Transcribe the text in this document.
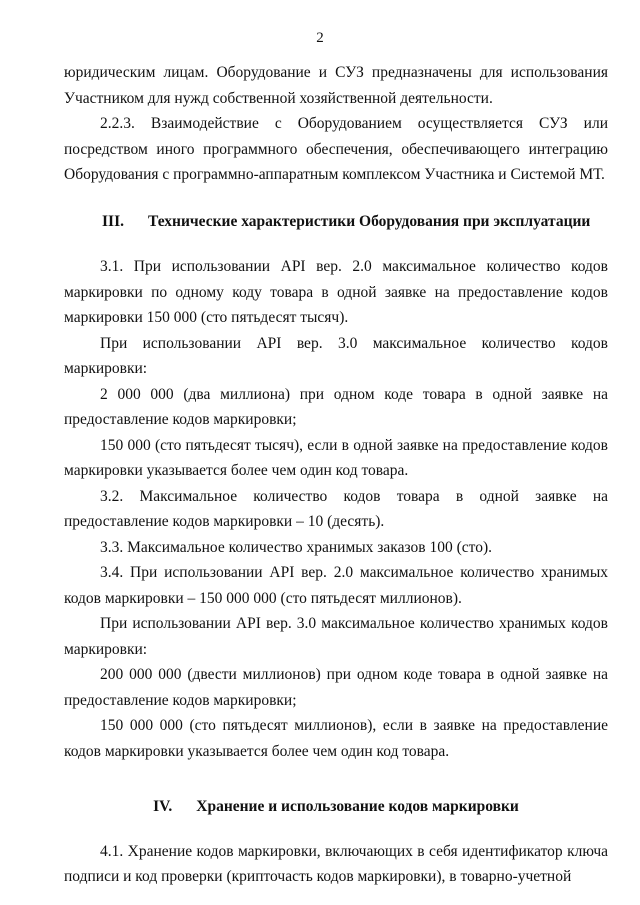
2

юридическим лицам. Оборудование и СУЗ предназначены для использования Участником для нужд собственной хозяйственной деятельности.

2.2.3. Взаимодействие с Оборудованием осуществляется СУЗ или посредством иного программного обеспечения, обеспечивающего интеграцию Оборудования с программно-аппаратным комплексом Участника и Системой МТ.

III. Технические характеристики Оборудования при эксплуатации

3.1. При использовании API вер. 2.0 максимальное количество кодов маркировки по одному коду товара в одной заявке на предоставление кодов маркировки 150 000 (сто пятьдесят тысяч).

При использовании API вер. 3.0 максимальное количество кодов маркировки:

2 000 000 (два миллиона) при одном коде товара в одной заявке на предоставление кодов маркировки;

150 000 (сто пятьдесят тысяч), если в одной заявке на предоставление кодов маркировки указывается более чем один код товара.

3.2. Максимальное количество кодов товара в одной заявке на предоставление кодов маркировки – 10 (десять).

3.3. Максимальное количество хранимых заказов 100 (сто).

3.4. При использовании API вер. 2.0 максимальное количество хранимых кодов маркировки – 150 000 000 (сто пятьдесят миллионов).

При использовании API вер. 3.0 максимальное количество хранимых кодов маркировки:

200 000 000 (двести миллионов) при одном коде товара в одной заявке на предоставление кодов маркировки;

150 000 000 (сто пятьдесят миллионов), если в заявке на предоставление кодов маркировки указывается более чем один код товара.

IV. Хранение и использование кодов маркировки

4.1. Хранение кодов маркировки, включающих в себя идентификатор ключа подписи и код проверки (крипточасть кодов маркировки), в товарно-учетной
